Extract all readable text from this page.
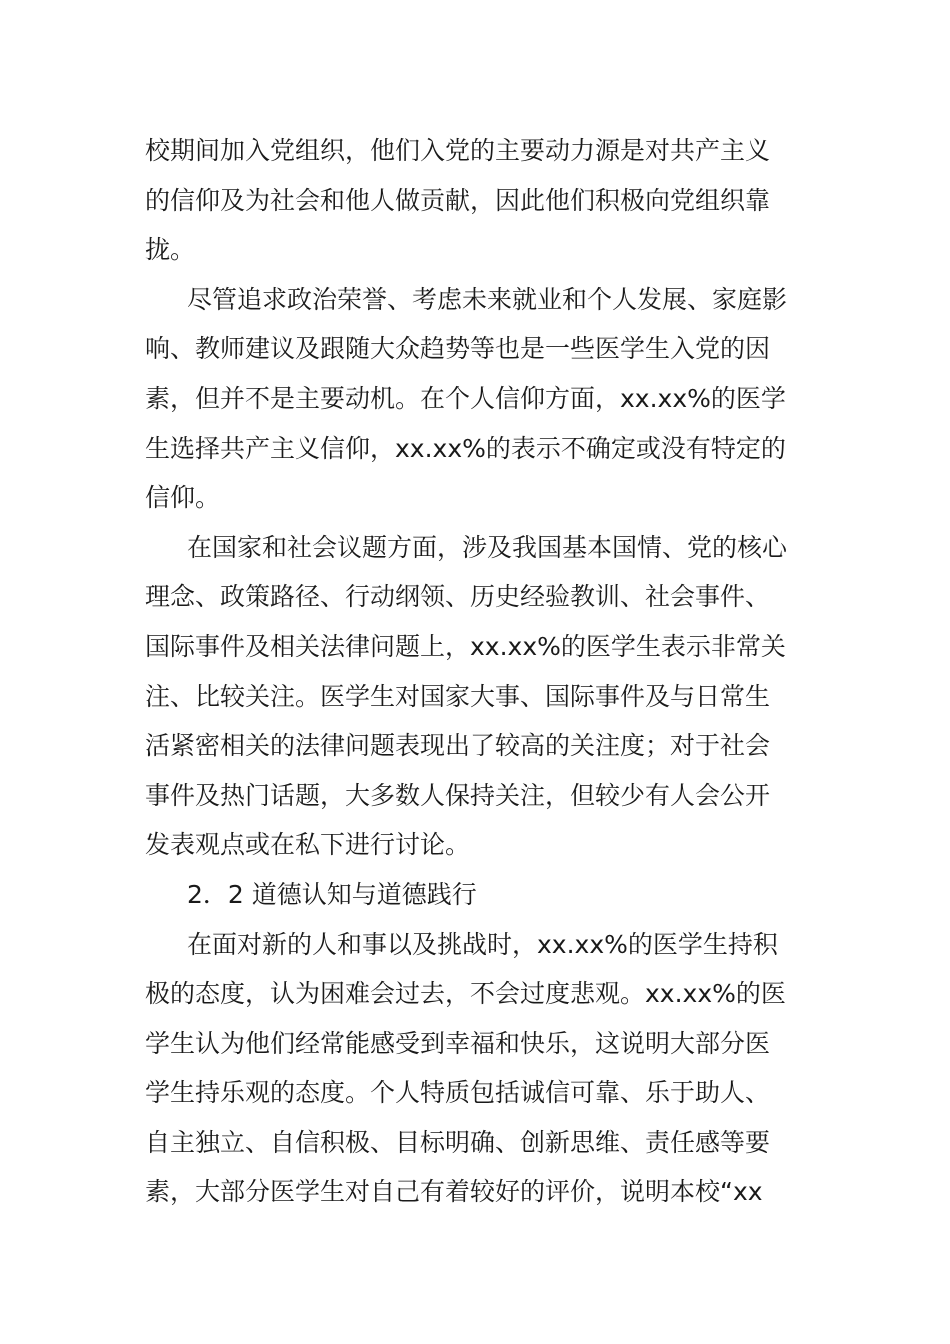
校期间加入党组织，他们入党的主要动力源是对共产主义
的信仰及为社会和他人做贡献，因此他们积极向党组织靠
拢。
尽管追求政治荣誉、考虑未来就业和个人发展、家庭影
响、教师建议及跟随大众趋势等也是一些医学生入党的因
素，但并不是主要动机。在个人信仰方面，xx.xx%的医学
生选择共产主义信仰，xx.xx%的表示不确定或没有特定的
信仰。
在国家和社会议题方面，涉及我国基本国情、党的核心
理念、政策路径、行动纲领、历史经验教训、社会事件、
国际事件及相关法律问题上，xx.xx%的医学生表示非常关
注、比较关注。医学生对国家大事、国际事件及与日常生
活紧密相关的法律问题表现出了较高的关注度；对于社会
事件及热门话题，大多数人保持关注，但较少有人会公开
发表观点或在私下进行讨论。
2．2 道德认知与道德践行
在面对新的人和事以及挑战时，xx.xx%的医学生持积
极的态度，认为困难会过去，不会过度悲观。xx.xx%的医
学生认为他们经常能感受到幸福和快乐，这说明大部分医
学生持乐观的态度。个人特质包括诚信可靠、乐于助人、
自主独立、自信积极、目标明确、创新思维、责任感等要
素，大部分医学生对自己有着较好的评价，说明本校“xx
